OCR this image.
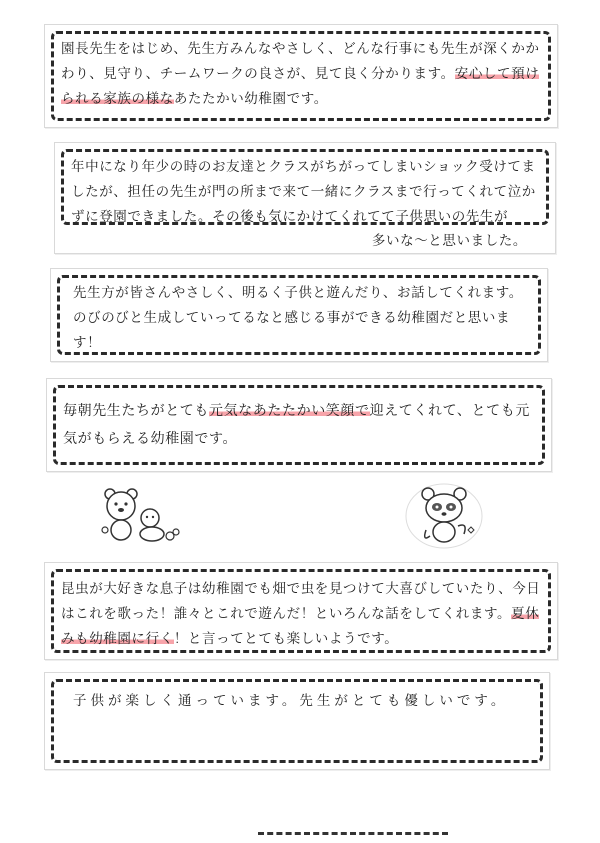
園長先生をはじめ、先生方みんなやさしく、どんな行事にも先生が深くかかわり、見守り、チームワークの良さが、見て良く分かります。安心して預けられる家族の様なあたたかい幼稚園です。
年中になり年少の時のお友達とクラスがちがってしまいショック受けてましたが、担任の先生が門の所まで来て一緒にクラスまで行ってくれて泣かずに登園できました。その後も気にかけてくれてて子供思いの先生が
多いな〜と思いました。
先生方が皆さんやさしく、明るく子供と遊んだり、お話してくれます。のびのびと生成していってるなと感じる事ができる幼稚園だと思います！
毎朝先生たちがとても元気なあたたかい笑顔で迎えてくれて、とても元気がもらえる幼稚園です。
昆虫が大好きな息子は幼稚園でも畑で虫を見つけて大喜びしていたり、今日はこれを歌った！誰々とこれで遊んだ！といろんな話をしてくれます。夏休みも幼稚園に行く！と言ってとても楽しいようです。
子供が楽しく通っています。先生がとても優しいです。
